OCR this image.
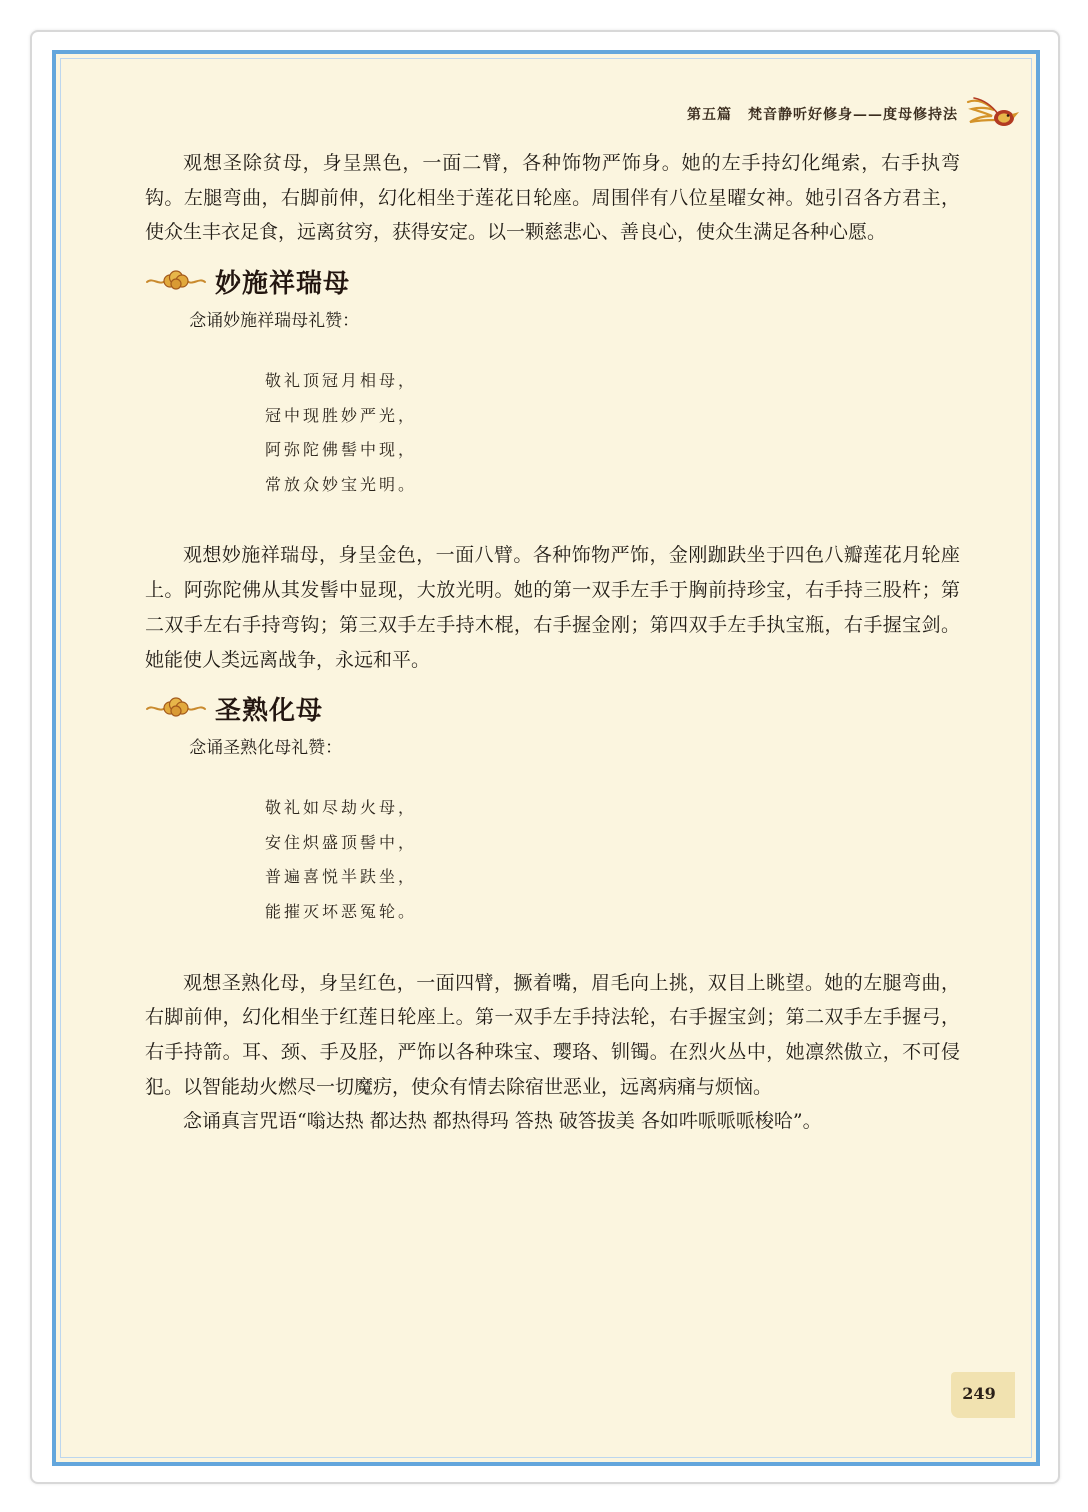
第五篇 梵音静听好修身——度母修持法

观想圣除贫母，身呈黑色，一面二臂，各种饰物严饰身。她的左手持幻化绳索，右手执弯钩。左腿弯曲，右脚前伸，幻化相坐于莲花日轮座。周围伴有八位星曜女神。她引召各方君主，使众生丰衣足食，远离贫穷，获得安定。以一颗慈悲心、善良心，使众生满足各种心愿。

妙施祥瑞母

念诵妙施祥瑞母礼赞：

敬礼顶冠月相母，
冠中现胜妙严光，
阿弥陀佛髻中现，
常放众妙宝光明。

观想妙施祥瑞母，身呈金色，一面八臂。各种饰物严饰，金刚跏趺坐于四色八瓣莲花月轮座上。阿弥陀佛从其发髻中显现，大放光明。她的第一双手左手于胸前持珍宝，右手持三股杵；第二双手左右手持弯钩；第三双手左手持木棍，右手握金刚；第四双手左手执宝瓶，右手握宝剑。她能使人类远离战争，永远和平。

圣熟化母

念诵圣熟化母礼赞：

敬礼如尽劫火母，
安住炽盛顶髻中，
普遍喜悦半趺坐，
能摧灭坏恶冤轮。

观想圣熟化母，身呈红色，一面四臂，撅着嘴，眉毛向上挑，双目上眺望。她的左腿弯曲，右脚前伸，幻化相坐于红莲日轮座上。第一双手左手持法轮，右手握宝剑；第二双手左手握弓，右手持箭。耳、颈、手及胫，严饰以各种珠宝、璎珞、钏镯。在烈火丛中，她凛然傲立，不可侵犯。以智能劫火燃尽一切魔疠，使众有情去除宿世恶业，远离病痛与烦恼。

念诵真言咒语“嗡达热 都达热 都热得玛 答热 破答拔美 各如吽哌哌哌梭哈”。

249
